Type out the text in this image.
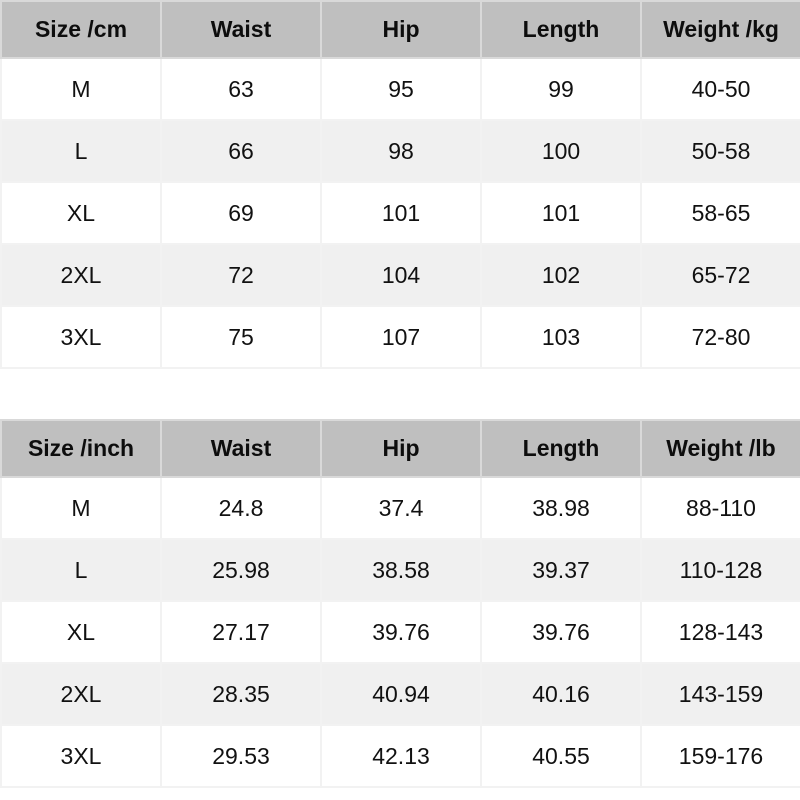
Size /cm	Waist	Hip	Length	Weight /kg
M	63	95	99	40-50
L	66	98	100	50-58
XL	69	101	101	58-65
2XL	72	104	102	65-72
3XL	75	107	103	72-80
Size /inch	Waist	Hip	Length	Weight /lb
M	24.8	37.4	38.98	88-110
L	25.98	38.58	39.37	110-128
XL	27.17	39.76	39.76	128-143
2XL	28.35	40.94	40.16	143-159
3XL	29.53	42.13	40.55	159-176
